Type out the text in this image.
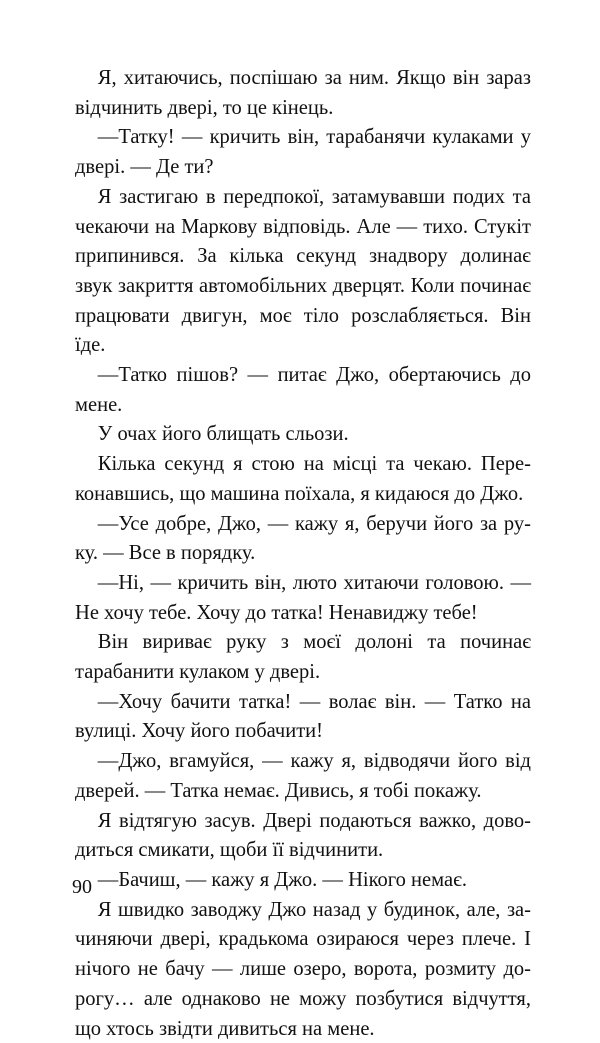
Я, хитаючись, поспішаю за ним. Якщо він зараз відчинить двері, то це кінець.

—Татку! — кричить він, тарабанячи кулаками у двері. — Де ти?

Я застигаю в передпокої, затамувавши подих та чекаючи на Маркову відповідь. Але — тихо. Стукіт припинився. За кілька секунд знадвору долинає звук закриття автомобільних дверцят. Коли починає працювати двигун, моє тіло розслабляється. Він їде.

—Татко пішов? — питає Джо, обертаючись до мене.

У очах його блищать сльози.

Кілька секунд я стою на місці та чекаю. Переконавшись, що машина поїхала, я кидаюся до Джо.

—Усе добре, Джо, — кажу я, беручи його за руку. — Все в порядку.

—Ні, — кричить він, люто хитаючи головою. — Не хочу тебе. Хочу до татка! Ненавиджу тебе!

Він вириває руку з моєї долоні та починає тарабанити кулаком у двері.

—Хочу бачити татка! — волає він. — Татко на вулиці. Хочу його побачити!

—Джо, вгамуйся, — кажу я, відводячи його від дверей. — Татка немає. Дивись, я тобі покажу.

Я відтягую засув. Двері подаються важко, доводиться смикати, щоби її відчинити.

—Бачиш, — кажу я Джо. — Нікого немає.

Я швидко заводжу Джо назад у будинок, але, зачиняючи двері, крадькома озираюся через плече. І нічого не бачу — лише озеро, ворота, розмиту дорогу… але однаково не можу позбутися відчуття, що хтось звідти дивиться на мене.

90
